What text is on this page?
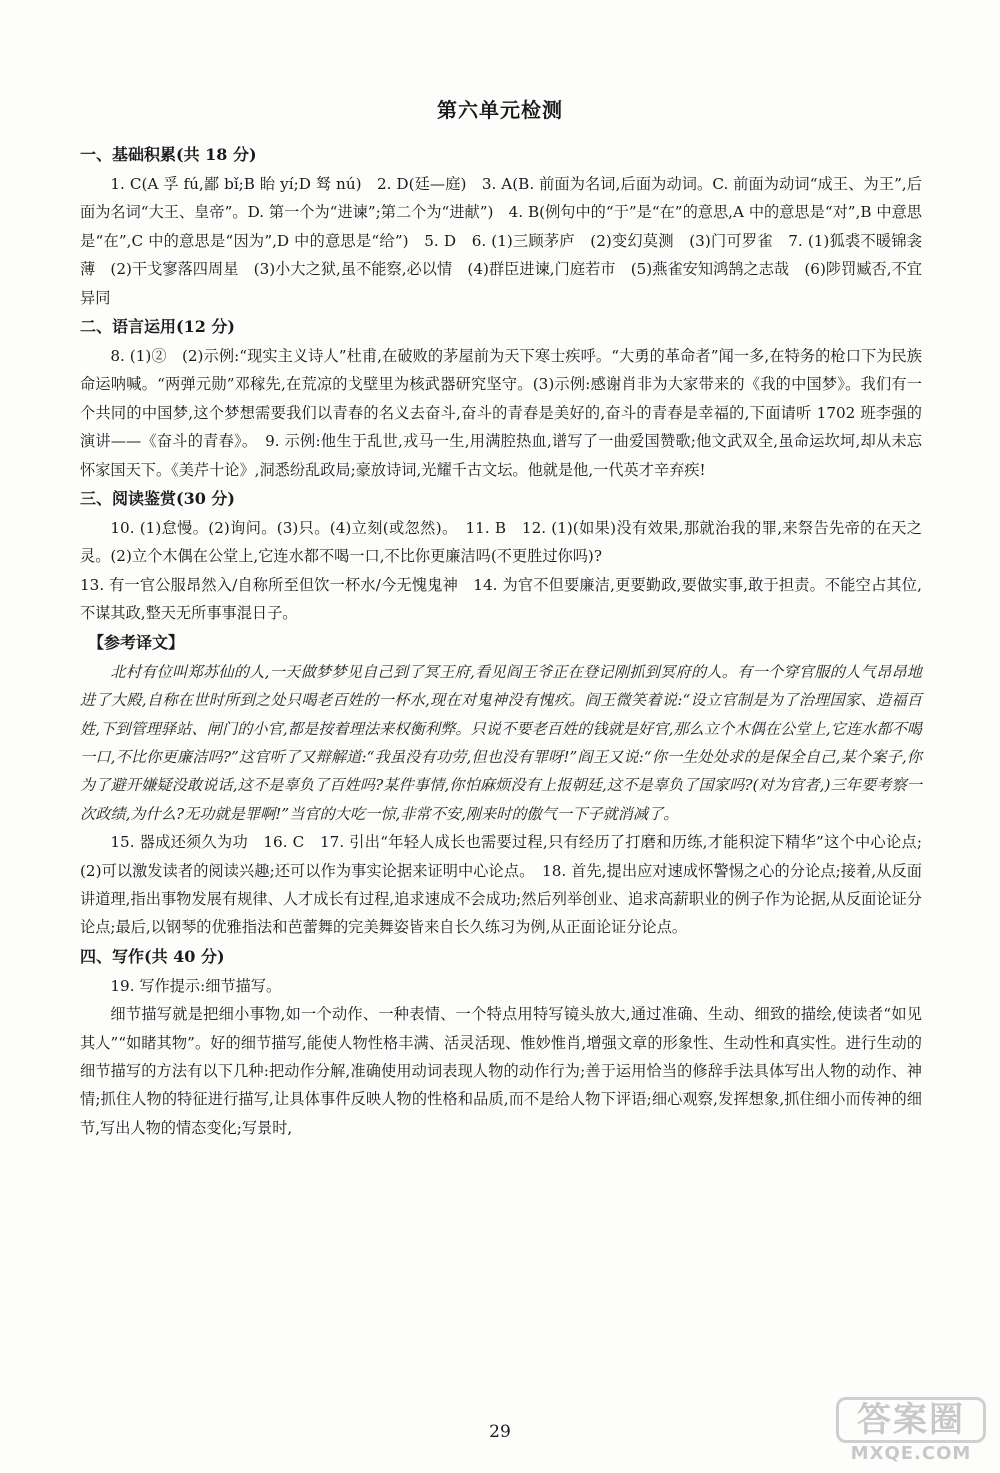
第六单元检测
一、基础积累(共 18 分)

1. C(A 孚 fú,鄙 bǐ;B 眙 yí;D 驽 nú)　2. D(廷—庭)　3. A(B. 前面为名词,后面为动词。C. 前面为动词“成王、为王”,后面为名词“大王、皇帝”。D. 第一个为“进谏”;第二个为“进献”)　4. B(例句中的“于”是“在”的意思,A 中的意思是“对”,B 中意思是“在”,C 中的意思是“因为”,D 中的意思是“给”)　5. D　6. (1)三顾茅庐　(2)变幻莫测　(3)门可罗雀　7. (1)狐裘不暖锦衾薄　(2)干戈寥落四周星　(3)小大之狱,虽不能察,必以情　(4)群臣进谏,门庭若市　(5)燕雀安知鸿鹄之志哉　(6)陟罚臧否,不宜异同

二、语言运用(12 分)

8. (1)②　(2)示例:“现实主义诗人”杜甫,在破败的茅屋前为天下寒士疾呼。“大勇的革命者”闻一多,在特务的枪口下为民族命运呐喊。“两弹元勋”邓稼先,在荒凉的戈壁里为核武器研究坚守。(3)示例:感谢肖非为大家带来的《我的中国梦》。我们有一个共同的中国梦,这个梦想需要我们以青春的名义去奋斗,奋斗的青春是美好的,奋斗的青春是幸福的,下面请听 1702 班李强的演讲——《奋斗的青春》。　9. 示例:他生于乱世,戎马一生,用满腔热血,谱写了一曲爱国赞歌;他文武双全,虽命运坎坷,却从未忘怀家国天下。《美芹十论》,洞悉纷乱政局;豪放诗词,光耀千古文坛。他就是他,一代英才辛弃疾!

三、阅读鉴赏(30 分)

10. (1)怠慢。(2)询问。(3)只。(4)立刻(或忽然)。　11. B　12. (1)(如果)没有效果,那就治我的罪,来祭告先帝的在天之灵。(2)立个木偶在公堂上,它连水都不喝一口,不比你更廉洁吗(不更胜过你吗)?

13. 有一官公服昂然入/自称所至但饮一杯水/今无愧鬼神　14. 为官不但要廉洁,更要勤政,要做实事,敢于担责。不能空占其位,不谋其政,整天无所事事混日子。

【参考译文】

北村有位叫郑苏仙的人,一天做梦梦见自己到了冥王府,看见阎王爷正在登记刚抓到冥府的人。有一个穿官服的人气昂昂地进了大殿,自称在世时所到之处只喝老百姓的一杯水,现在对鬼神没有愧疚。阎王微笑着说:“设立官制是为了治理国家、造福百姓,下到管理驿站、闸门的小官,都是按着理法来权衡利弊。只说不要老百姓的钱就是好官,那么立个木偶在公堂上,它连水都不喝一口,不比你更廉洁吗?”这官听了又辩解道:“我虽没有功劳,但也没有罪呀!”阎王又说:“你一生处处求的是保全自己,某个案子,你为了避开嫌疑没敢说话,这不是辜负了百姓吗?某件事情,你怕麻烦没有上报朝廷,这不是辜负了国家吗?(对为官者,)三年要考察一次政绩,为什么?无功就是罪啊!”当官的大吃一惊,非常不安,刚来时的傲气一下子就消减了。

15. 器成还须久为功　16. C　17. 引出“年轻人成长也需要过程,只有经历了打磨和历练,才能积淀下精华”这个中心论点;(2)可以激发读者的阅读兴趣;还可以作为事实论据来证明中心论点。　18. 首先,提出应对速成怀警惕之心的分论点;接着,从反面讲道理,指出事物发展有规律、人才成长有过程,追求速成不会成功;然后列举创业、追求高薪职业的例子作为论据,从反面论证分论点;最后,以钢琴的优雅指法和芭蕾舞的完美舞姿皆来自长久练习为例,从正面论证分论点。

四、写作(共 40 分)

19. 写作提示:细节描写。

细节描写就是把细小事物,如一个动作、一种表情、一个特点用特写镜头放大,通过准确、生动、细致的描绘,使读者“如见其人”“如睹其物”。好的细节描写,能使人物性格丰满、活灵活现、惟妙惟肖,增强文章的形象性、生动性和真实性。进行生动的细节描写的方法有以下几种:把动作分解,准确使用动词表现人物的动作行为;善于运用恰当的修辞手法具体写出人物的动作、神情;抓住人物的特征进行描写,让具体事件反映人物的性格和品质,而不是给人物下评语;细心观察,发挥想象,抓住细小而传神的细节,写出人物的情态变化;写景时,

29	答案圈
MXQE.COM
